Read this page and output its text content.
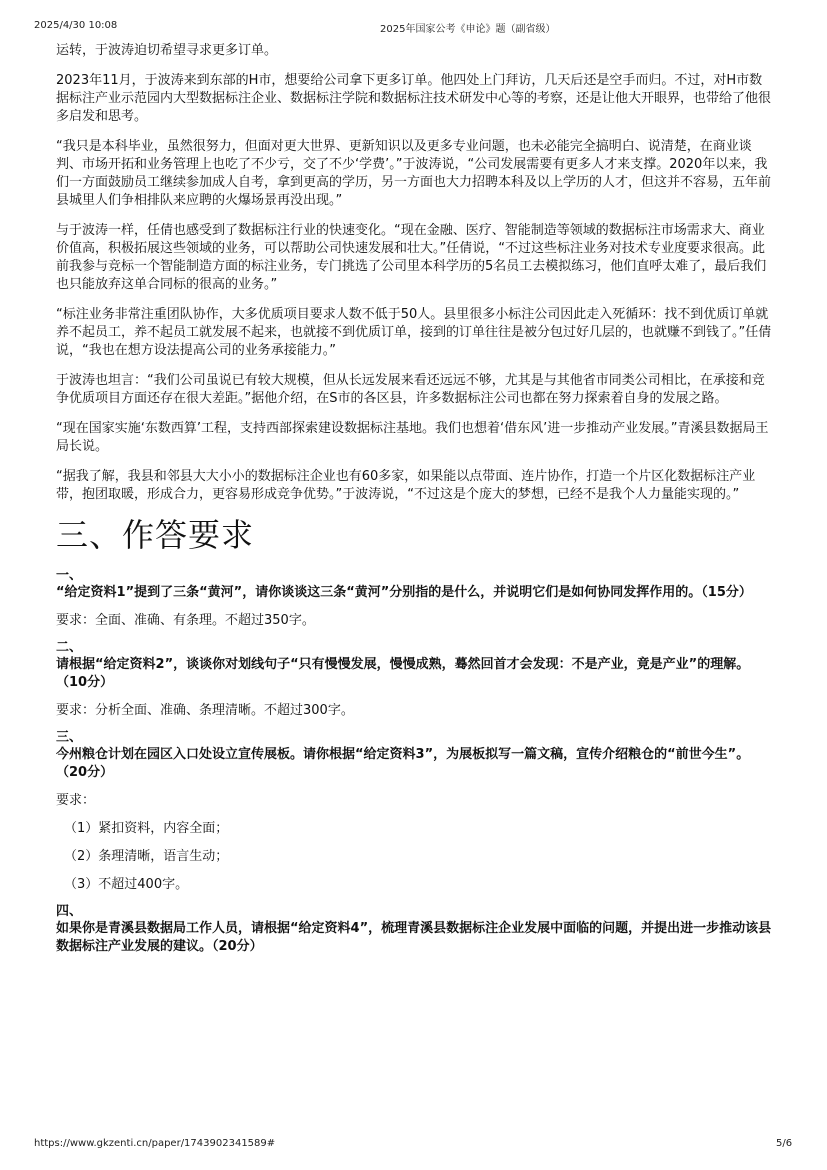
2025/4/30 10:08	2025年国家公考《申论》题（副省级）

运转，于波涛迫切希望寻求更多订单。

2023年11月，于波涛来到东部的H市，想要给公司拿下更多订单。他四处上门拜访，几天后还是空手而归。不过，对H市数据标注产业示范园内大型数据标注企业、数据标注学院和数据标注技术研发中心等的考察，还是让他大开眼界，也带给了他很多启发和思考。

“我只是本科毕业，虽然很努力，但面对更大世界、更新知识以及更多专业问题，也未必能完全搞明白、说清楚，在商业谈判、市场开拓和业务管理上也吃了不少亏，交了不少‘学费’。”于波涛说，“公司发展需要有更多人才来支撑。2020年以来，我们一方面鼓励员工继续参加成人自考，拿到更高的学历，另一方面也大力招聘本科及以上学历的人才，但这并不容易，五年前县城里人们争相排队来应聘的火爆场景再没出现。”

与于波涛一样，任倩也感受到了数据标注行业的快速变化。“现在金融、医疗、智能制造等领域的数据标注市场需求大、商业价值高，积极拓展这些领域的业务，可以帮助公司快速发展和壮大。”任倩说，“不过这些标注业务对技术专业度要求很高。此前我参与竞标一个智能制造方面的标注业务，专门挑选了公司里本科学历的5名员工去模拟练习，他们直呼太难了，最后我们也只能放弃这单合同标的很高的业务。”

“标注业务非常注重团队协作，大多优质项目要求人数不低于50人。县里很多小标注公司因此走入死循环：找不到优质订单就养不起员工，养不起员工就发展不起来，也就接不到优质订单，接到的订单往往是被分包过好几层的，也就赚不到钱了。”任倩说，“我也在想方设法提高公司的业务承接能力。”

于波涛也坦言：“我们公司虽说已有较大规模，但从长远发展来看还远远不够，尤其是与其他省市同类公司相比，在承接和竞争优质项目方面还存在很大差距。”据他介绍，在S市的各区县，许多数据标注公司也都在努力探索着自身的发展之路。

“现在国家实施‘东数西算’工程，支持西部探索建设数据标注基地。我们也想着‘借东风’进一步推动产业发展。”青溪县数据局王局长说。

“据我了解，我县和邻县大大小小的数据标注企业也有60多家，如果能以点带面、连片协作，打造一个片区化数据标注产业带，抱团取暖，形成合力，更容易形成竞争优势。”于波涛说，“不过这是个庞大的梦想，已经不是我个人力量能实现的。”

三、作答要求

一、

“给定资料1”提到了三条“黄河”，请你谈谈这三条“黄河”分别指的是什么，并说明它们是如何协同发挥作用的。（15分）

要求：全面、准确、有条理。不超过350字。

二、

请根据“给定资料2”，谈谈你对划线句子“只有慢慢发展，慢慢成熟，蓦然回首才会发现：不是产业，竟是产业”的理解。（10分）

要求：分析全面、准确、条理清晰。不超过300字。

三、

今州粮仓计划在园区入口处设立宣传展板。请你根据“给定资料3”，为展板拟写一篇文稿，宣传介绍粮仓的“前世今生”。（20分）

要求：

（1）紧扣资料，内容全面；

（2）条理清晰，语言生动；

（3）不超过400字。

四、

如果你是青溪县数据局工作人员，请根据“给定资料4”，梳理青溪县数据标注企业发展中面临的问题，并提出进一步推动该县数据标注产业发展的建议。（20分）

https://www.gkzenti.cn/paper/1743902341589#	5/6
